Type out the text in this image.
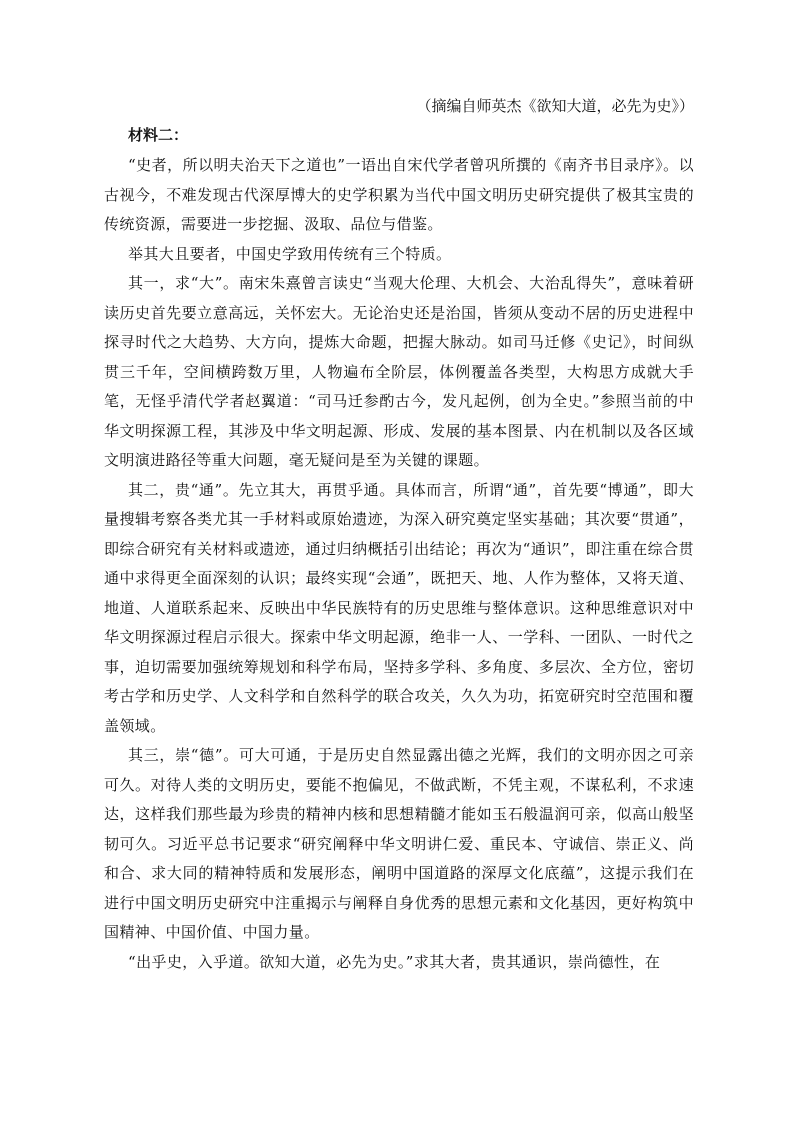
（摘编自师英杰《欲知大道，必先为史》）

材料二：

“史者，所以明夫治天下之道也”一语出自宋代学者曾巩所撰的《南齐书目录序》。以古视今，不难发现古代深厚博大的史学积累为当代中国文明历史研究提供了极其宝贵的传统资源，需要进一步挖掘、汲取、品位与借鉴。

举其大且要者，中国史学致用传统有三个特质。

其一，求“大”。南宋朱熹曾言读史“当观大伦理、大机会、大治乱得失”，意味着研读历史首先要立意高远，关怀宏大。无论治史还是治国，皆须从变动不居的历史进程中探寻时代之大趋势、大方向，提炼大命题，把握大脉动。如司马迁修《史记》，时间纵贯三千年，空间横跨数万里，人物遍布全阶层，体例覆盖各类型，大构思方成就大手笔，无怪乎清代学者赵翼道：“司马迁参酌古今，发凡起例，创为全史。”参照当前的中华文明探源工程，其涉及中华文明起源、形成、发展的基本图景、内在机制以及各区域文明演进路径等重大问题，毫无疑问是至为关键的课题。

其二，贵“通”。先立其大，再贯乎通。具体而言，所谓“通”，首先要“博通”，即大量搜辑考察各类尤其一手材料或原始遗迹，为深入研究奠定坚实基础；其次要“贯通”，即综合研究有关材料或遗迹，通过归纳概括引出结论；再次为“通识”，即注重在综合贯通中求得更全面深刻的认识；最终实现“会通”，既把天、地、人作为整体，又将天道、地道、人道联系起来、反映出中华民族特有的历史思维与整体意识。这种思维意识对中华文明探源过程启示很大。探索中华文明起源，绝非一人、一学科、一团队、一时代之事，迫切需要加强统筹规划和科学布局，坚持多学科、多角度、多层次、全方位，密切考古学和历史学、人文科学和自然科学的联合攻关，久久为功，拓宽研究时空范围和覆盖领域。

其三，崇“德”。可大可通，于是历史自然显露出德之光辉，我们的文明亦因之可亲可久。对待人类的文明历史，要能不抱偏见，不做武断，不凭主观，不谋私利，不求速达，这样我们那些最为珍贵的精神内核和思想精髓才能如玉石般温润可亲，似高山般坚韧可久。习近平总书记要求“研究阐释中华文明讲仁爱、重民本、守诚信、崇正义、尚和合、求大同的精神特质和发展形态，阐明中国道路的深厚文化底蕴”，这提示我们在进行中国文明历史研究中注重揭示与阐释自身优秀的思想元素和文化基因，更好构筑中国精神、中国价值、中国力量。

“出乎史，入乎道。欲知大道，必先为史。”求其大者，贵其通识，崇尚德性，在
